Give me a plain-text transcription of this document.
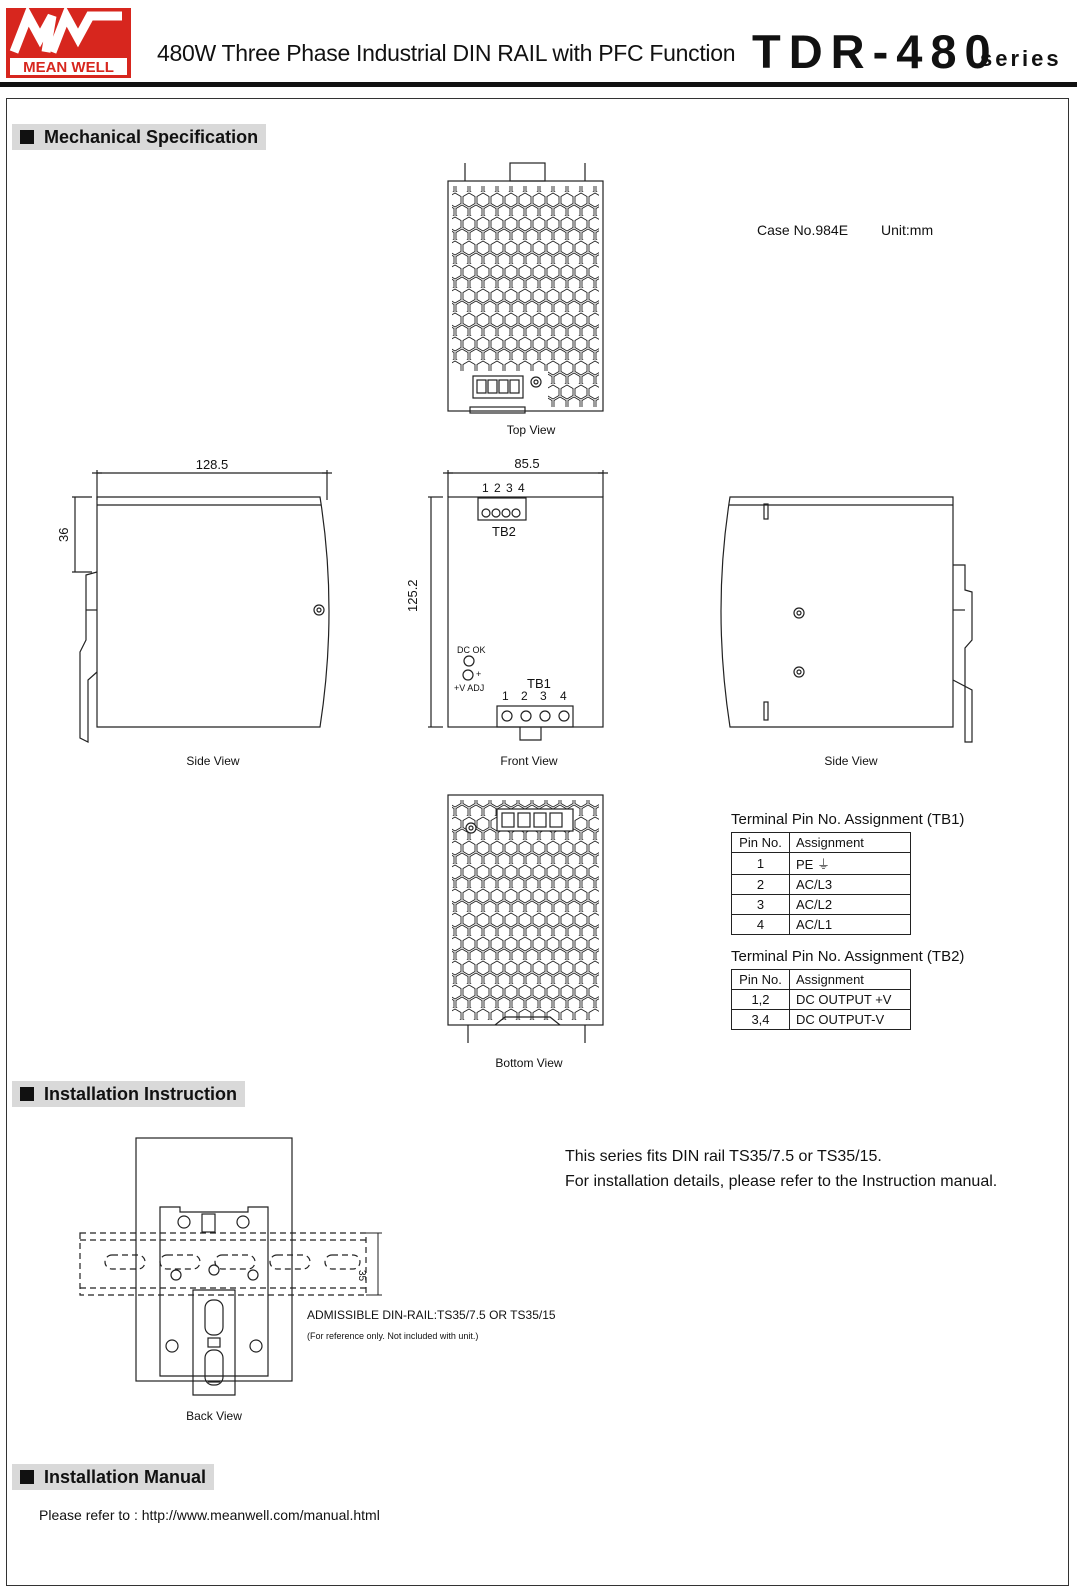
MEAN WELL
480W Three Phase Industrial DIN RAIL with PFC Function TDR-480
series
Mechanical Specification
Installation Instruction
Installation Manual
Case No.984E Unit:mm
Top View
Side View	Front View	Side View
Bottom View
128.5	85.5
125.2
36
1 2 3 4
TB2
TB1
1 2 3 4
DC OK
+
+V ADJ
Terminal Pin No. Assignment (TB1)
Pin No.	Assignment
1	PE ⏚
2	AC/L3
3	AC/L2
4	AC/L1
Terminal Pin No. Assignment (TB2)
Pin No.	Assignment
1,2	DC OUTPUT +V
3,4	DC OUTPUT-V
This series fits DIN rail TS35/7.5 or TS35/15.
For installation details, please refer to the Instruction manual.
ADMISSIBLE DIN-RAIL:TS35/7.5 OR TS35/15
(For reference only. Not included with unit.)
35
Back View
Please refer to : http://www.meanwell.com/manual.html
